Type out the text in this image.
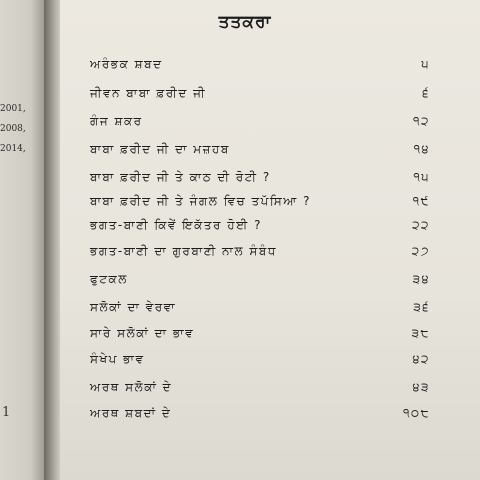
2001,
2008,
2014,
1
ਤਤਕਰਾ
ਅਰੰਭਕ ਸ਼ਬਦ	੫
ਜੀਵਨ ਬਾਬਾ ਫ਼ਰੀਦ ਜੀ	੬
ਗੰਜ ਸ਼ਕਰ	੧੨
ਬਾਬਾ ਫ਼ਰੀਦ ਜੀ ਦਾ ਮਜ਼ਹਬ	੧੪
ਬਾਬਾ ਫ਼ਰੀਦ ਜੀ ਤੇ ਕਾਠ ਦੀ ਰੋਟੀ ?	੧੫
ਬਾਬਾ ਫ਼ਰੀਦ ਜੀ ਤੇ ਜੰਗਲ ਵਿਚ ਤਪੱਸਿਆ ?	੧੯
ਭਗਤ-ਬਾਣੀ ਕਿਵੇਂ ਇਕੱਤਰ ਹੋਈ ?	੨੨
ਭਗਤ-ਬਾਣੀ ਦਾ ਗੁਰਬਾਣੀ ਨਾਲ ਸੰਬੰਧ	੨੭
ਫੁਟਕਲ	੩੪
ਸਲੋਕਾਂ ਦਾ ਵੇਰਵਾ	੩੬
ਸਾਰੇ ਸਲੋਕਾਂ ਦਾ ਭਾਵ	੩੮
ਸੰਖੇਪ ਭਾਵ	੪੨
ਅਰਥ ਸਲੋਕਾਂ ਦੇ	੪੩
ਅਰਥ ਸ਼ਬਦਾਂ ਦੇ	੧੦੮
